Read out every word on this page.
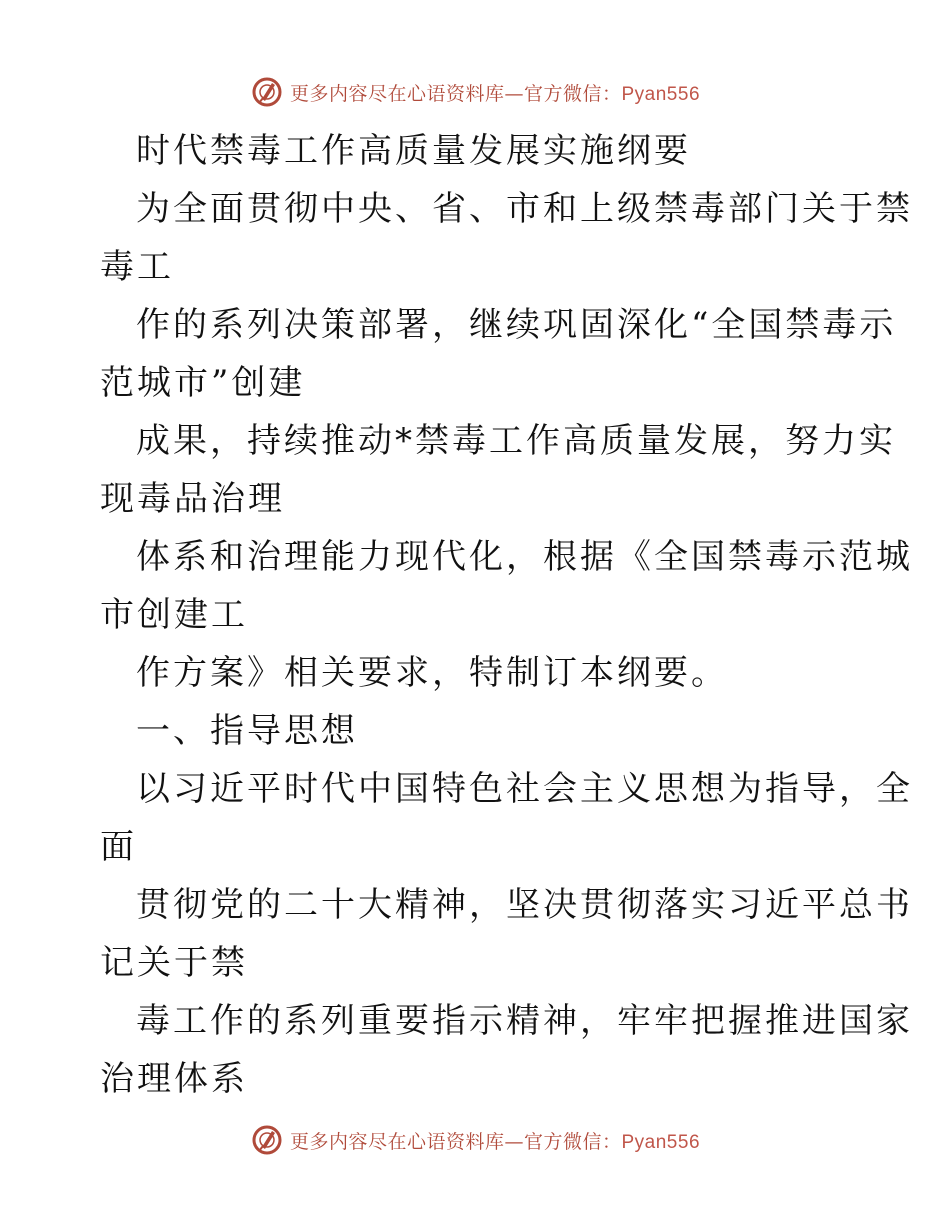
更多内容尽在心语资料库—官方微信：Pyan556
时代禁毒工作高质量发展实施纲要
为全面贯彻中央、省、市和上级禁毒部门关于禁
毒工
作的系列决策部署，继续巩固深化“全国禁毒示
范城市”创建
成果，持续推动*禁毒工作高质量发展，努力实
现毒品治理
体系和治理能力现代化，根据《全国禁毒示范城
市创建工
作方案》相关要求，特制订本纲要。
一、指导思想
以习近平时代中国特色社会主义思想为指导，全
面
贯彻党的二十大精神，坚决贯彻落实习近平总书
记关于禁
毒工作的系列重要指示精神，牢牢把握推进国家
治理体系
更多内容尽在心语资料库—官方微信：Pyan556
